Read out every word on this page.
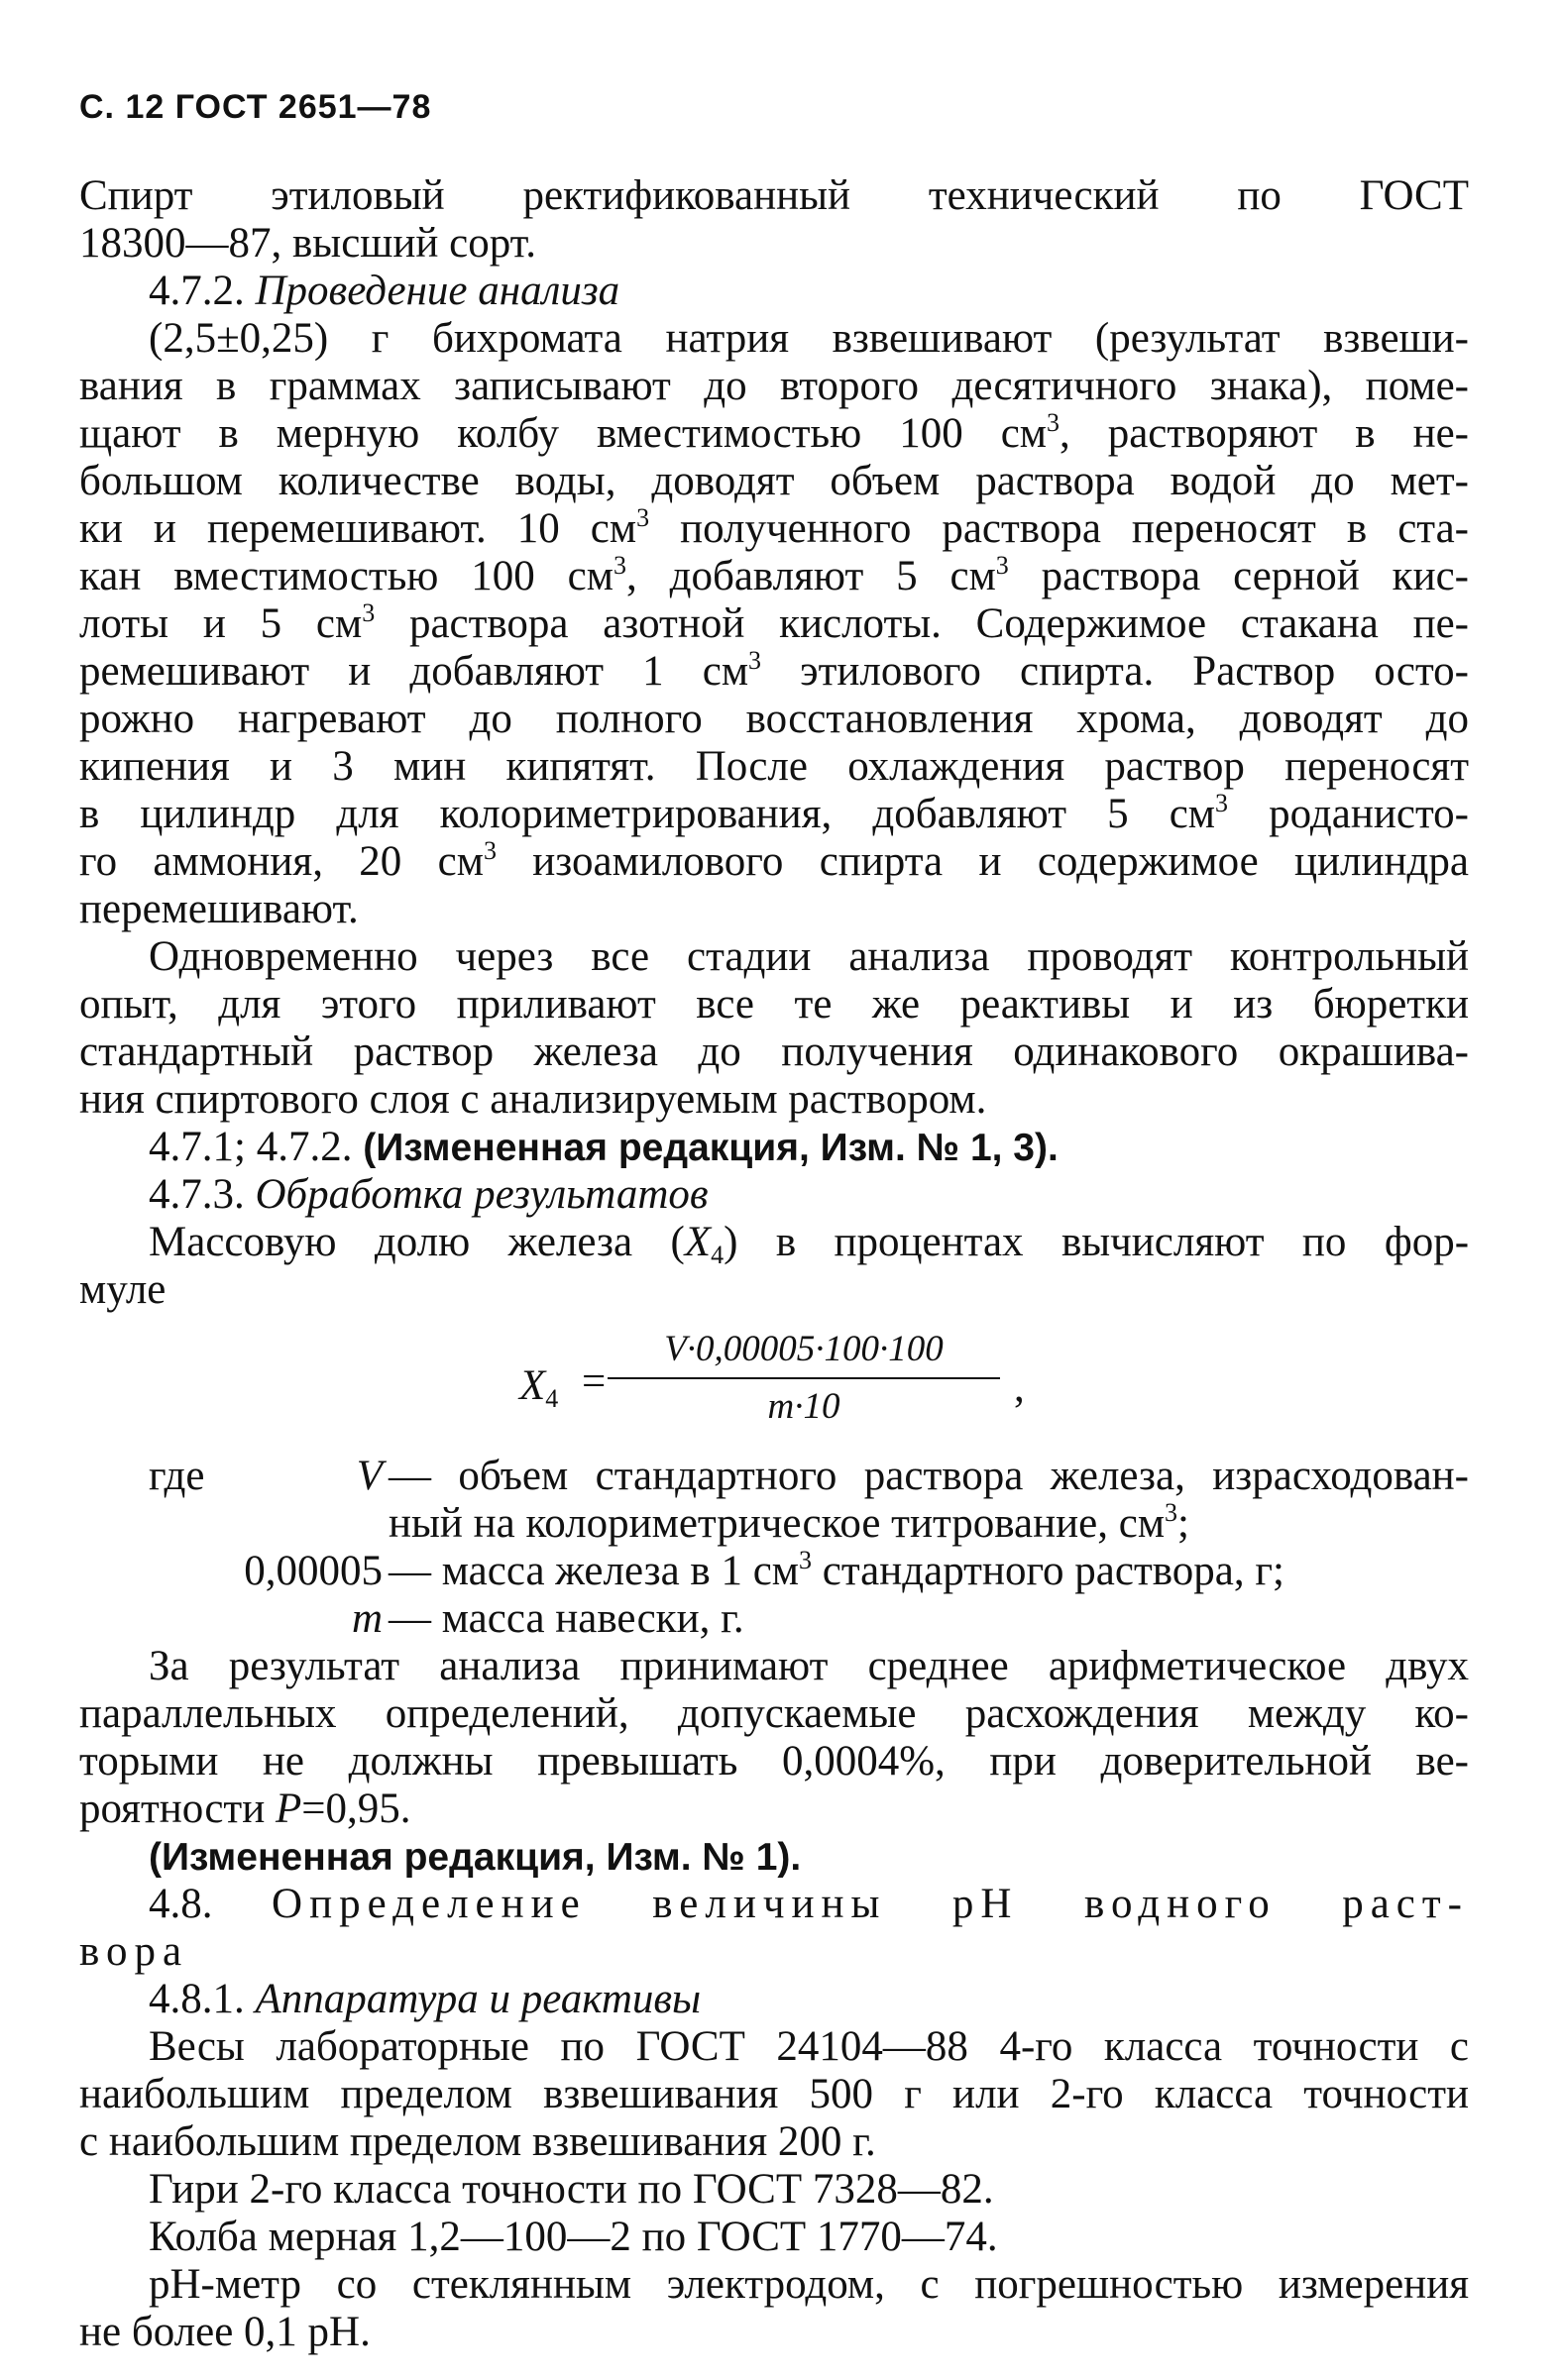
С. 12 ГОСТ 2651—78
Спирт этиловый ректификованный технический по ГОСТ
18300—87, высший сорт.
4.7.2. Проведение анализа
(2,5±0,25) г бихромата натрия взвешивают (результат взвеши-
вания в граммах записывают до второго десятичного знака), поме-
щают в мерную колбу вместимостью 100 $см^3$, растворяют в не-
большом количестве воды, доводят объем раствора водой до мет-
ки и перемешивают. 10 $см^3$ полученного раствора переносят в ста-
кан вместимостью 100 $см^3$, добавляют 5 $см^3$ раствора серной кис-
лоты и 5 $см^3$ раствора азотной кислоты. Содержимое стакана пе-
ремешивают и добавляют 1 $см^3$ этилового спирта. Раствор осто-
рожно нагревают до полного восстановления хрома, доводят до
кипения и 3 мин кипятят. После охлаждения раствор переносят
в цилиндр для колориметрирования, добавляют 5 $см^3$ роданисто-
го аммония, 20 $см^3$ изоамилового спирта и содержимое цилиндра
перемешивают.
Одновременно через все стадии анализа проводят контрольный
опыт, для этого приливают все те же реактивы и из бюретки
стандартный раствор железа до получения одинакового окрашива-
ния спиртового слоя с анализируемым раствором.
4.7.1; 4.7.2. (Измененная редакция, Изм. № 1, 3).
4.7.3. Обработка результатов
Массовую долю железа $(X_4)$ в процентах вычисляют по фор-
муле
$X_4$ =
V·0,00005·100·100
m·10	,
где	V — объем стандартного раствора железа, израсходован-
ный на колориметрическое титрование, $см^3$;
0,00005 — масса железа в 1 $см^3$ стандартного раствора, г;
m — масса навески, г.
За результат анализа принимают среднее арифметическое двух
параллельных определений, допускаемые расхождения между ко-
торыми не должны превышать 0,0004%, при доверительной ве-
роятности P=0,95.
(Измененная редакция, Изм. № 1).
4.8. Определение величины pH водного раст-
вора
4.8.1. Аппаратура и реактивы
Весы лабораторные по ГОСТ 24104—88 4-го класса точности с
наибольшим пределом взвешивания 500 г или 2-го класса точности
с наибольшим пределом взвешивания 200 г.
Гири 2-го класса точности по ГОСТ 7328—82.
Колба мерная 1,2—100—2 по ГОСТ 1770—74.
pH-метр со стеклянным электродом, с погрешностью измерения
не более 0,1 pH.
